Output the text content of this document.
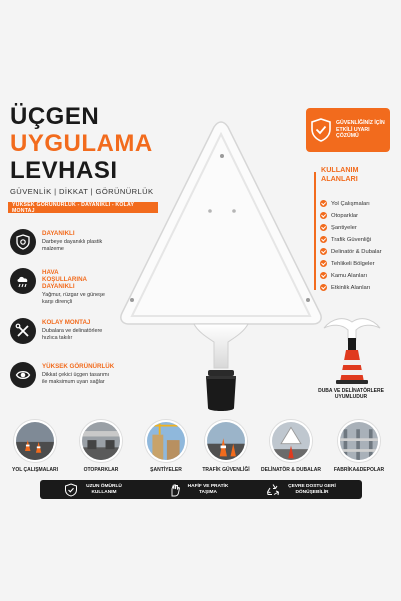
ÜÇGEN
UYGULAMA
LEVHASI
GÜVENLİK | DİKKAT | GÖRÜNÜRLÜK
YÜKSEK GÖRÜNÜRLÜK - DAYANIKLI - KOLAY MONTAJ
DAYANIKLI
Darbeye dayanıklı plastik malzeme
HAVA KOŞULLARINA DAYANIKLI
Yağmur, rüzgar ve güneşe karşı dirençli
KOLAY MONTAJ
Dubalara ve delinatörlere hızlıca takılır
YÜKSEK GÖRÜNÜRLÜK
Dikkat çekici üçgen tasarımı ile maksimum uyarı sağlar
GÜVENLİĞİNİZ İÇİN ETKİLİ UYARI ÇÖZÜMÜ
KULLANIM ALANLARI
Yol Çalışmaları
Otoparklar
Şantiyeler
Trafik Güvenliği
Delinatör & Dubalar
Tehlikeli Bölgeler
Kamu Alanları
Etkinlik Alanları
DUBA VE DELİNATÖRLERE UYUMLUDUR
YOL ÇALIŞMALARI	OTOPARKLAR	ŞANTİYELER	TRAFİK GÜVENLİĞİ	DELİNATÖR & DUBALAR	FABRİKA&DEPOLAR
UZUN ÖMÜRLÜ KULLANIM
HAFİF VE PRATİK TAŞIMA
ÇEVRE DOSTU GERİ DÖNÜŞEBİLİR
